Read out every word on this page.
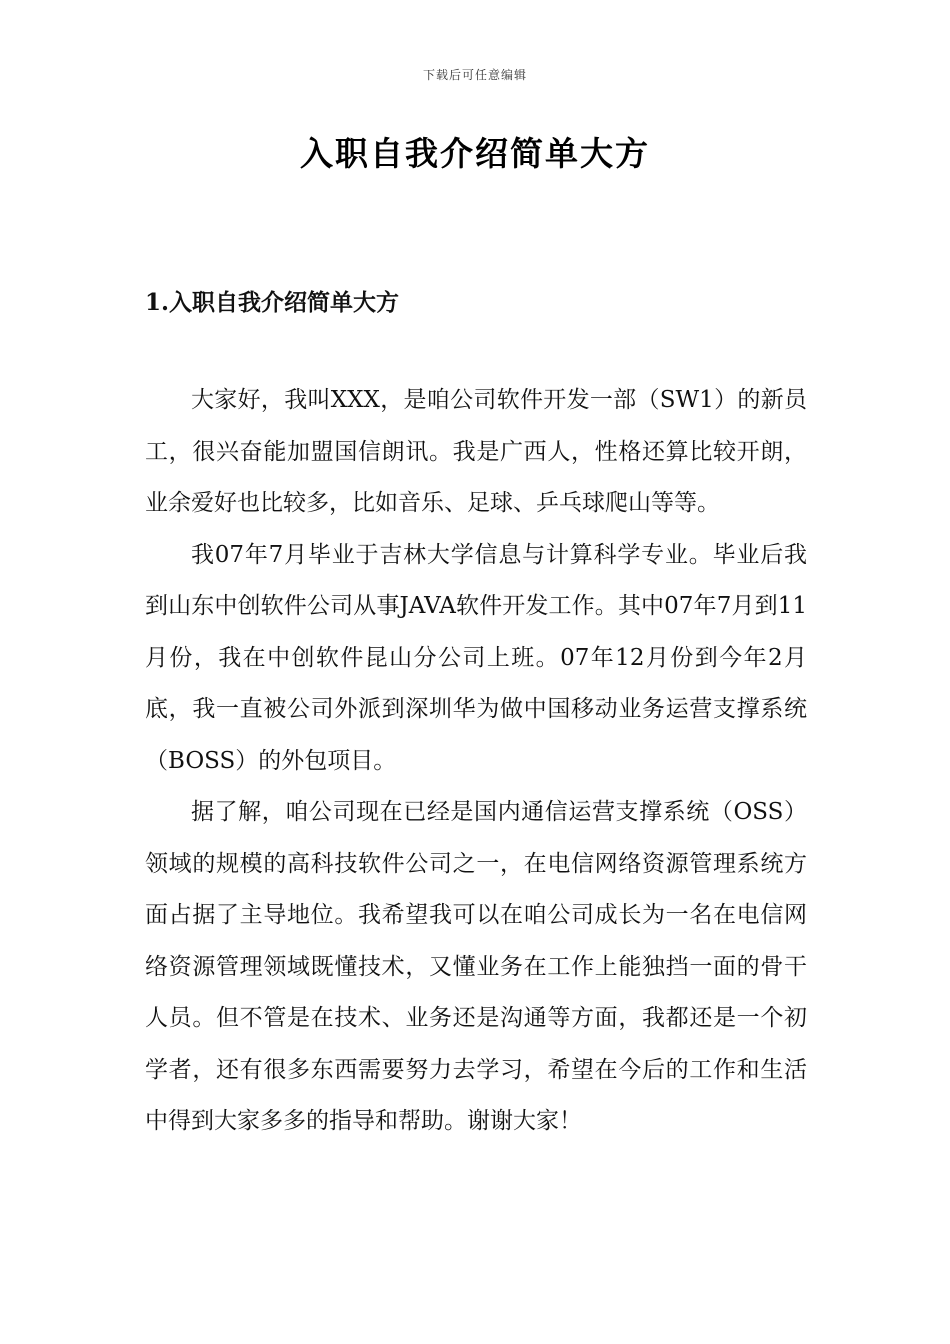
下载后可任意编辑
入职自我介绍简单大方
1.入职自我介绍简单大方

大家好，我叫XXX，是咱公司软件开发一部（SW1）的新员工，很兴奋能加盟国信朗讯。我是广西人，性格还算比较开朗，业余爱好也比较多，比如音乐、足球、乒乓球爬山等等。

我07年7月毕业于吉林大学信息与计算科学专业。毕业后我到山东中创软件公司从事JAVA软件开发工作。其中07年7月到11月份，我在中创软件昆山分公司上班。07年12月份到今年2月底，我一直被公司外派到深圳华为做中国移动业务运营支撑系统（BOSS）的外包项目。

据了解，咱公司现在已经是国内通信运营支撑系统（OSS）领域的规模的高科技软件公司之一，在电信网络资源管理系统方面占据了主导地位。我希望我可以在咱公司成长为一名在电信网络资源管理领域既懂技术，又懂业务在工作上能独挡一面的骨干人员。但不管是在技术、业务还是沟通等方面，我都还是一个初学者，还有很多东西需要努力去学习，希望在今后的工作和生活中得到大家多多的指导和帮助。谢谢大家！
